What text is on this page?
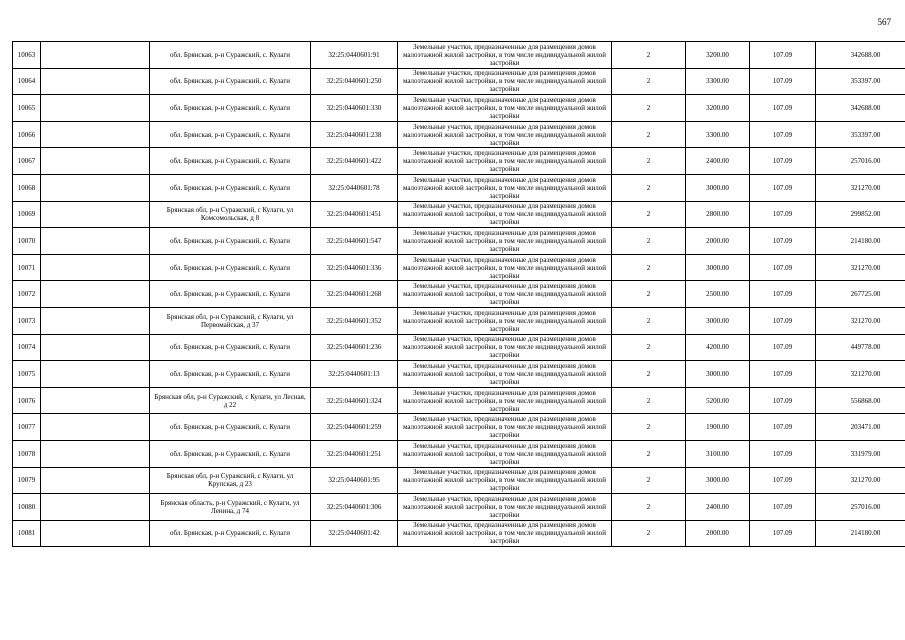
567
10063		обл. Брянская, р-н Суражский, с. Кулаги	32:25:0440601:91	Земельные участки, предназначенные для размещения домов малоэтажной жилой застройки, в том числе индивидуальной жилой застройки	2	3200.00	107.09	342688.00
10064		обл. Брянская, р-н Суражский, с. Кулаги	32:25:0440601:250	Земельные участки, предназначенные для размещения домов малоэтажной жилой застройки, в том числе индивидуальной жилой застройки	2	3300.00	107.09	353397.00
10065		обл. Брянская, р-н Суражский, с. Кулаги	32:25:0440601:330	Земельные участки, предназначенные для размещения домов малоэтажной жилой застройки, в том числе индивидуальной жилой застройки	2	3200.00	107.09	342688.00
10066		обл. Брянская, р-н Суражский, с. Кулаги	32:25:0440601:238	Земельные участки, предназначенные для размещения домов малоэтажной жилой застройки, в том числе индивидуальной жилой застройки	2	3300.00	107.09	353397.00
10067		обл. Брянская, р-н Суражский, с. Кулаги	32:25:0440601:422	Земельные участки, предназначенные для размещения домов малоэтажной жилой застройки, в том числе индивидуальной жилой застройки	2	2400.00	107.09	257016.00
10068		обл. Брянская, р-н Суражский, с. Кулаги	32:25:0440601:78	Земельные участки, предназначенные для размещения домов малоэтажной жилой застройки, в том числе индивидуальной жилой застройки	2	3000.00	107.09	321270.00
10069		Брянская обл, р-н Суражский, с Кулаги, ул Комсомольская, д 8	32:25:0440601:451	Земельные участки, предназначенные для размещения домов малоэтажной жилой застройки, в том числе индивидуальной жилой застройки	2	2800.00	107.09	299852.00
10070		обл. Брянская, р-н Суражский, с. Кулаги	32:25:0440601:547	Земельные участки, предназначенные для размещения домов малоэтажной жилой застройки, в том числе индивидуальной жилой застройки	2	2000.00	107.09	214180.00
10071		обл. Брянская, р-н Суражский, с. Кулаги	32:25:0440601:336	Земельные участки, предназначенные для размещения домов малоэтажной жилой застройки, в том числе индивидуальной жилой застройки	2	3000.00	107.09	321270.00
10072		обл. Брянская, р-н Суражский, с. Кулаги	32:25:0440601:268	Земельные участки, предназначенные для размещения домов малоэтажной жилой застройки, в том числе индивидуальной жилой застройки	2	2500.00	107.09	267725.00
10073		Брянская обл, р-н Суражский, с Кулаги, ул Первомайская, д 37	32:25:0440601:352	Земельные участки, предназначенные для размещения домов малоэтажной жилой застройки, в том числе индивидуальной жилой застройки	2	3000.00	107.09	321270.00
10074		обл. Брянская, р-н Суражский, с. Кулаги	32:25:0440601:236	Земельные участки, предназначенные для размещения домов малоэтажной жилой застройки, в том числе индивидуальной жилой застройки	2	4200.00	107.09	449778.00
10075		обл. Брянская, р-н Суражский, с. Кулаги	32:25:0440601:13	Земельные участки, предназначенные для размещения домов малоэтажной жилой застройки, в том числе индивидуальной жилой застройки	2	3000.00	107.09	321270.00
10076		Брянская обл, р-н Суражский, с Кулаги, ул Лесная, д 22	32:25:0440601:324	Земельные участки, предназначенные для размещения домов малоэтажной жилой застройки, в том числе индивидуальной жилой застройки	2	5200.00	107.09	556868.00
10077		обл. Брянская, р-н Суражский, с. Кулаги	32:25:0440601:259	Земельные участки, предназначенные для размещения домов малоэтажной жилой застройки, в том числе индивидуальной жилой застройки	2	1900.00	107.09	203471.00
10078		обл. Брянская, р-н Суражский, с. Кулаги	32:25:0440601:251	Земельные участки, предназначенные для размещения домов малоэтажной жилой застройки, в том числе индивидуальной жилой застройки	2	3100.00	107.09	331979.00
10079		Брянская обл, р-н Суражский, с Кулаги, ул Крупская, д 23	32:25:0440601:95	Земельные участки, предназначенные для размещения домов малоэтажной жилой застройки, в том числе индивидуальной жилой застройки	2	3000.00	107.09	321270.00
10080		Брянская область, р-н Суражский, с Кулаги, ул Ленина, д 74	32:25:0440601:306	Земельные участки, предназначенные для размещения домов малоэтажной жилой застройки, в том числе индивидуальной жилой застройки	2	2400.00	107.09	257016.00
10081		обл. Брянская, р-н Суражский, с. Кулаги	32:25:0440601:42	Земельные участки, предназначенные для размещения домов малоэтажной жилой застройки, в том числе индивидуальной жилой застройки	2	2000.00	107.09	214180.00
